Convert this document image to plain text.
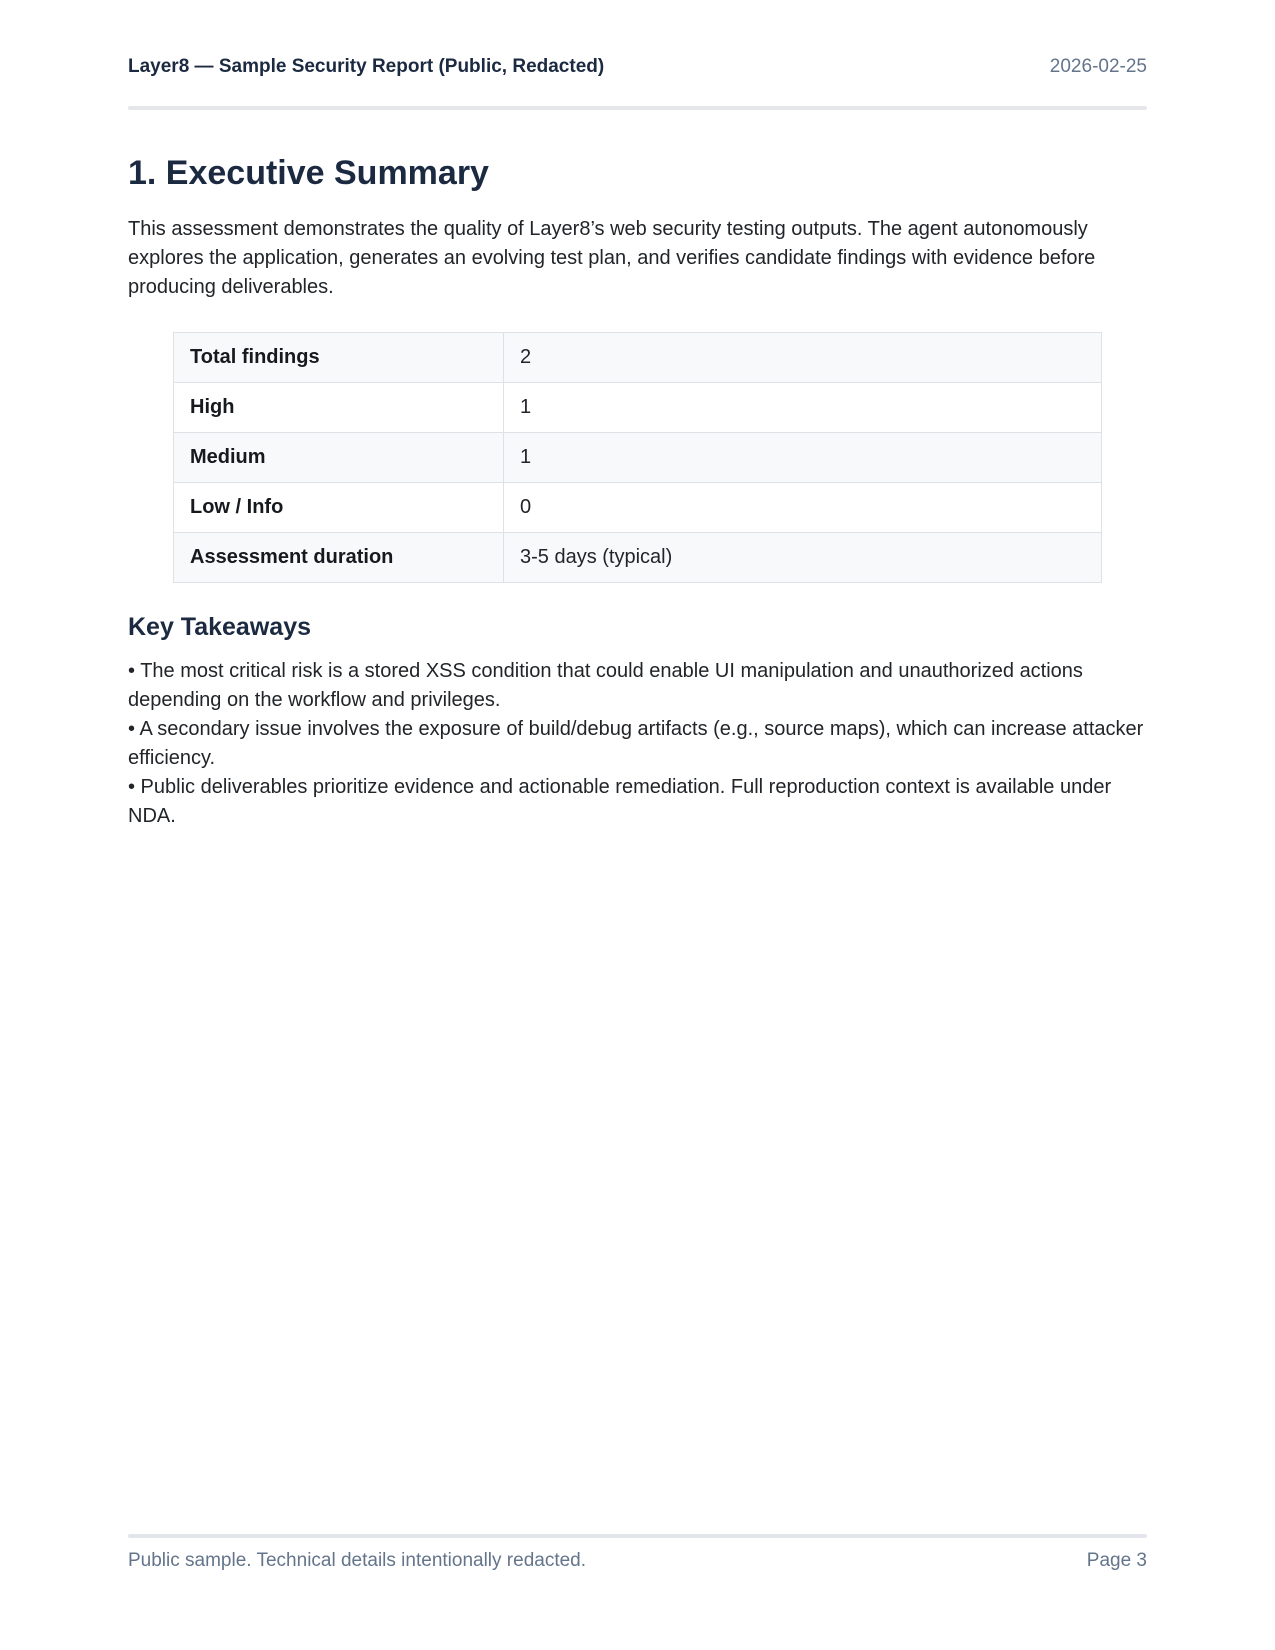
Layer8 — Sample Security Report (Public, Redacted)	2026-02-25
1. Executive Summary

This assessment demonstrates the quality of Layer8’s web security testing outputs. The agent autonomously explores the application, generates an evolving test plan, and verifies candidate findings with evidence before producing deliverables.

Total findings	2
High	1
Medium	1
Low / Info	0
Assessment duration	3-5 days (typical)
Key Takeaways
• The most critical risk is a stored XSS condition that could enable UI manipulation and unauthorized actions depending on the workflow and privileges.
• A secondary issue involves the exposure of build/debug artifacts (e.g., source maps), which can increase attacker efficiency.
• Public deliverables prioritize evidence and actionable remediation. Full reproduction context is available under NDA.
Public sample. Technical details intentionally redacted.	Page 3
